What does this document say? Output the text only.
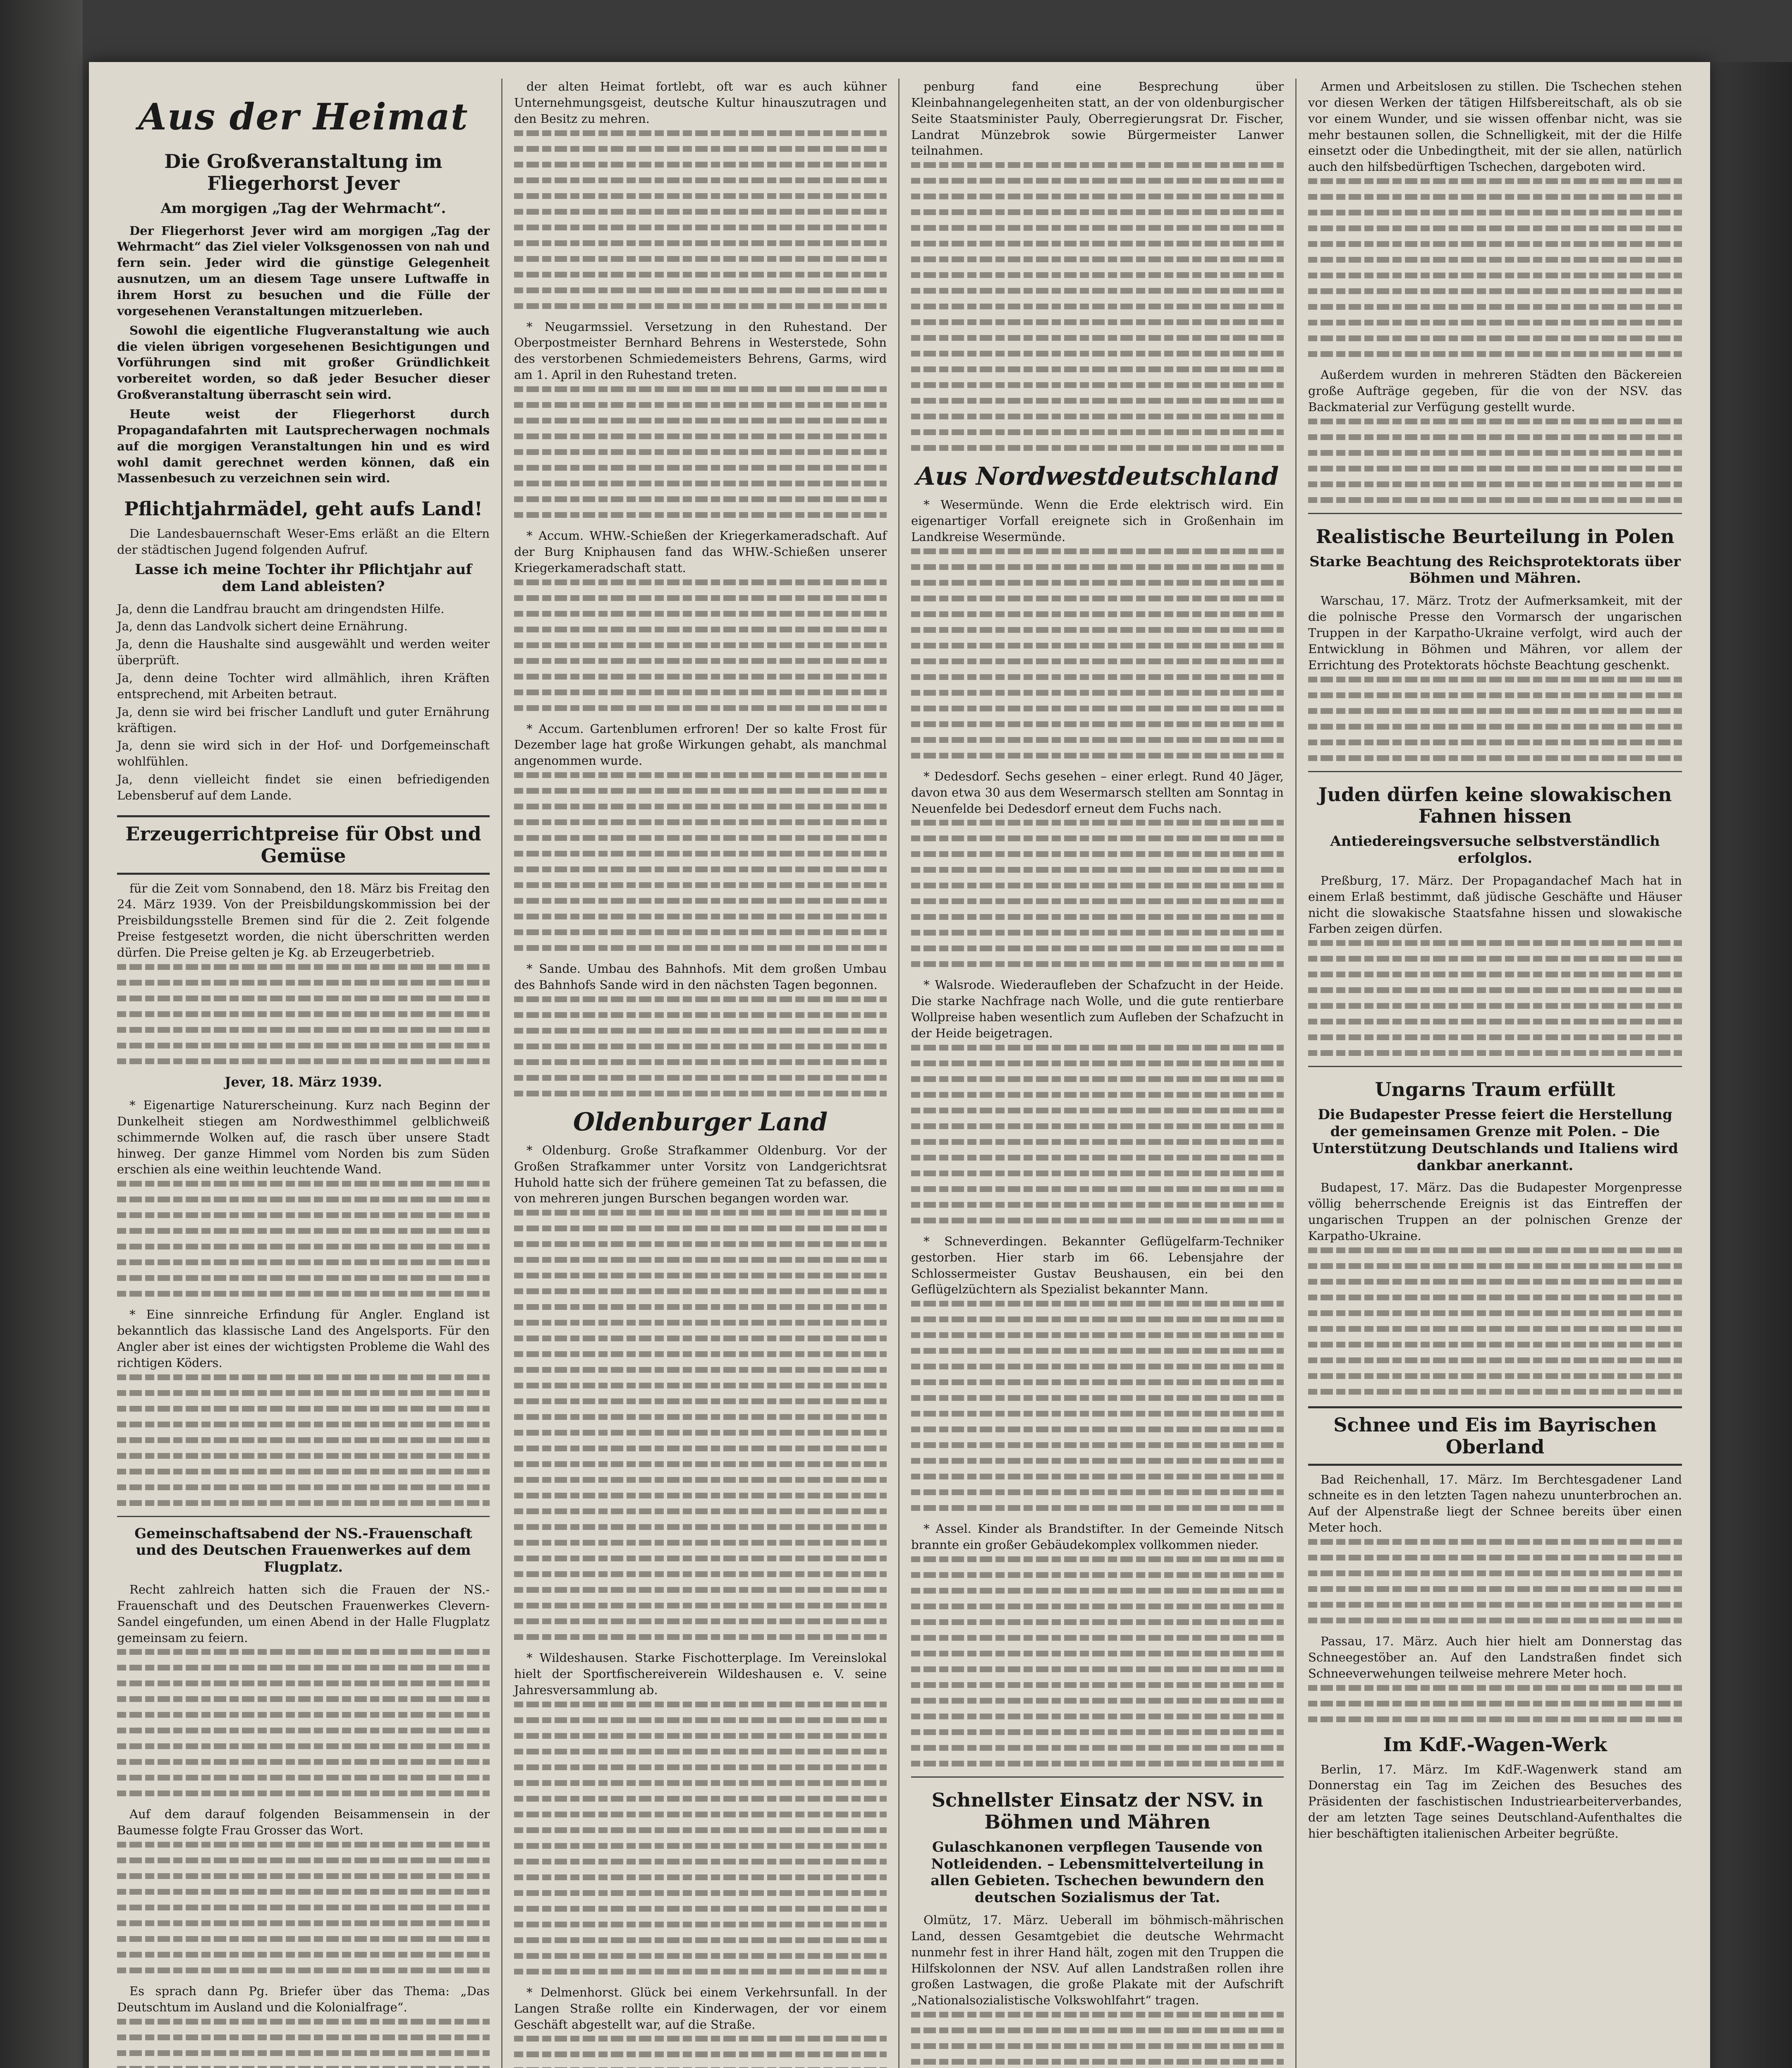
Aus der Heimat
Die Großveranstaltung im Fliegerhorst Jever
Am morgigen „Tag der Wehrmacht“.

Der Fliegerhorst Jever wird am morgigen „Tag der Wehrmacht“ das Ziel vieler Volksgenossen von nah und fern sein. Jeder wird die günstige Gelegenheit ausnutzen, um an diesem Tage unsere Luftwaffe in ihrem Horst zu besuchen und die Fülle der vorgesehenen Veranstaltungen mitzuerleben.

Sowohl die eigentliche Flugveranstaltung wie auch die vielen übrigen vorgesehenen Besichtigungen und Vorführungen sind mit großer Gründlichkeit vorbereitet worden, so daß jeder Besucher dieser Großveranstaltung überrascht sein wird.

Heute weist der Fliegerhorst durch Propagandafahrten mit Lautsprecherwagen nochmals auf die morgigen Veranstaltungen hin und es wird wohl damit gerechnet werden können, daß ein Massenbesuch zu verzeichnen sein wird.

Pflichtjahrmädel, geht aufs Land!

Die Landesbauernschaft Weser-Ems erläßt an die Eltern der städtischen Jugend folgenden Aufruf.

Lasse ich meine Tochter ihr Pflichtjahr auf dem Land ableisten?

Ja, denn die Landfrau braucht am dringendsten Hilfe.

Ja, denn das Landvolk sichert deine Ernährung.

Ja, denn die Haushalte sind ausgewählt und werden weiter überprüft.

Ja, denn deine Tochter wird allmählich, ihren Kräften entsprechend, mit Arbeiten betraut.

Ja, denn sie wird bei frischer Landluft und guter Ernährung kräftigen.

Ja, denn sie wird sich in der Hof- und Dorfgemeinschaft wohlfühlen.

Ja, denn vielleicht findet sie einen befriedigenden Lebensberuf auf dem Lande.

Erzeugerrichtpreise für Obst und Gemüse

für die Zeit vom Sonnabend, den 18. März bis Freitag den 24. März 1939. Von der Preisbildungskommission bei der Preisbildungsstelle Bremen sind für die 2. Zeit folgende Preise festgesetzt worden, die nicht überschritten werden dürfen. Die Preise gelten je Kg. ab Erzeugerbetrieb.

Jever, 18. März 1939.

* Eigenartige Naturerscheinung. Kurz nach Beginn der Dunkelheit stiegen am Nordwesthimmel gelblichweiß schimmernde Wolken auf, die rasch über unsere Stadt hinweg. Der ganze Himmel vom Norden bis zum Süden erschien als eine weithin leuchtende Wand.

* Eine sinnreiche Erfindung für Angler. England ist bekanntlich das klassische Land des Angelsports. Für den Angler aber ist eines der wichtigsten Probleme die Wahl des richtigen Köders.

Gemeinschaftsabend der NS.-Frauenschaft und des Deutschen Frauenwerkes auf dem Flugplatz.

Recht zahlreich hatten sich die Frauen der NS.-Frauenschaft und des Deutschen Frauenwerkes Clevern-Sandel eingefunden, um einen Abend in der Halle Flugplatz gemeinsam zu feiern.

Auf dem darauf folgenden Beisammensein in der Baumesse folgte Frau Grosser das Wort.

Es sprach dann Pg. Briefer über das Thema: „Das Deutschtum im Ausland und die Kolonialfrage“.

der alten Heimat fortlebt, oft war es auch kühner Unternehmungsgeist, deutsche Kultur hinauszutragen und den Besitz zu mehren.

* Neugarmssiel. Versetzung in den Ruhestand. Der Oberpostmeister Bernhard Behrens in Westerstede, Sohn des verstorbenen Schmiedemeisters Behrens, Garms, wird am 1. April in den Ruhestand treten.

* Accum. WHW.-Schießen der Kriegerkameradschaft. Auf der Burg Kniphausen fand das WHW.-Schießen unserer Kriegerkameradschaft statt.

* Accum. Gartenblumen erfroren! Der so kalte Frost für Dezember lage hat große Wirkungen gehabt, als manchmal angenommen wurde.

* Sande. Umbau des Bahnhofs. Mit dem großen Umbau des Bahnhofs Sande wird in den nächsten Tagen begonnen.

Oldenburger Land

* Oldenburg. Große Strafkammer Oldenburg. Vor der Großen Strafkammer unter Vorsitz von Landgerichtsrat Huhold hatte sich der frühere gemeinen Tat zu befassen, die von mehreren jungen Burschen begangen worden war.

* Wildeshausen. Starke Fischotterplage. Im Vereinslokal hielt der Sportfischereiverein Wildeshausen e. V. seine Jahresversammlung ab.

* Delmenhorst. Glück bei einem Verkehrsunfall. In der Langen Straße rollte ein Kinderwagen, der vor einem Geschäft abgestellt war, auf die Straße.

penburg fand eine Besprechung über Kleinbahnangelegenheiten statt, an der von oldenburgischer Seite Staatsminister Pauly, Oberregierungsrat Dr. Fischer, Landrat Münzebrok sowie Bürgermeister Lanwer teilnahmen.

Aus Nordwestdeutschland

* Wesermünde. Wenn die Erde elektrisch wird. Ein eigenartiger Vorfall ereignete sich in Großenhain im Landkreise Wesermünde.

* Dedesdorf. Sechs gesehen – einer erlegt. Rund 40 Jäger, davon etwa 30 aus dem Wesermarsch stellten am Sonntag in Neuenfelde bei Dedesdorf erneut dem Fuchs nach.

* Walsrode. Wiederaufleben der Schafzucht in der Heide. Die starke Nachfrage nach Wolle, und die gute rentierbare Wollpreise haben wesentlich zum Aufleben der Schafzucht in der Heide beigetragen.

* Schneverdingen. Bekannter Geflügelfarm-Techniker gestorben. Hier starb im 66. Lebensjahre der Schlossermeister Gustav Beushausen, ein bei den Geflügelzüchtern als Spezialist bekannter Mann.

* Assel. Kinder als Brandstifter. In der Gemeinde Nitsch brannte ein großer Gebäudekomplex vollkommen nieder.

Schnellster Einsatz der NSV. in Böhmen und Mähren
Gulaschkanonen verpflegen Tausende von Notleidenden. – Lebensmittelverteilung in allen Gebieten. Tschechen bewundern den deutschen Sozialismus der Tat.

Olmütz, 17. März. Ueberall im böhmisch-mährischen Land, dessen Gesamtgebiet die deutsche Wehrmacht nunmehr fest in ihrer Hand hält, zogen mit den Truppen die Hilfskolonnen der NSV. Auf allen Landstraßen rollen ihre großen Lastwagen, die große Plakate mit der Aufschrift „Nationalsozialistische Volkswohlfahrt“ tragen.

Armen und Arbeitslosen zu stillen. Die Tschechen stehen vor diesen Werken der tätigen Hilfsbereitschaft, als ob sie vor einem Wunder, und sie wissen offenbar nicht, was sie mehr bestaunen sollen, die Schnelligkeit, mit der die Hilfe einsetzt oder die Unbedingtheit, mit der sie allen, natürlich auch den hilfsbedürftigen Tschechen, dargeboten wird.

Außerdem wurden in mehreren Städten den Bäckereien große Aufträge gegeben, für die von der NSV. das Backmaterial zur Verfügung gestellt wurde.

Realistische Beurteilung in Polen
Starke Beachtung des Reichsprotektorats über Böhmen und Mähren.

Warschau, 17. März. Trotz der Aufmerksamkeit, mit der die polnische Presse den Vormarsch der ungarischen Truppen in der Karpatho-Ukraine verfolgt, wird auch der Entwicklung in Böhmen und Mähren, vor allem der Errichtung des Protektorats höchste Beachtung geschenkt.

Juden dürfen keine slowakischen Fahnen hissen
Antiedereingsversuche selbstverständlich erfolglos.

Preßburg, 17. März. Der Propagandachef Mach hat in einem Erlaß bestimmt, daß jüdische Geschäfte und Häuser nicht die slowakische Staatsfahne hissen und slowakische Farben zeigen dürfen.

Ungarns Traum erfüllt
Die Budapester Presse feiert die Herstellung der gemeinsamen Grenze mit Polen. – Die Unterstützung Deutschlands und Italiens wird dankbar anerkannt.

Budapest, 17. März. Das die Budapester Morgenpresse völlig beherrschende Ereignis ist das Eintreffen der ungarischen Truppen an der polnischen Grenze der Karpatho-Ukraine.

Schnee und Eis im Bayrischen Oberland

Bad Reichenhall, 17. März. Im Berchtesgadener Land schneite es in den letzten Tagen nahezu ununterbrochen an. Auf der Alpenstraße liegt der Schnee bereits über einen Meter hoch.

Passau, 17. März. Auch hier hielt am Donnerstag das Schneegestöber an. Auf den Landstraßen findet sich Schneeverwehungen teilweise mehrere Meter hoch.

Im KdF.-Wagen-Werk

Berlin, 17. März. Im KdF.-Wagenwerk stand am Donnerstag ein Tag im Zeichen des Besuches des Präsidenten der faschistischen Industriearbeiterverbandes, der am letzten Tage seines Deutschland-Aufenthaltes die hier beschäftigten italienischen Arbeiter begrüßte.
